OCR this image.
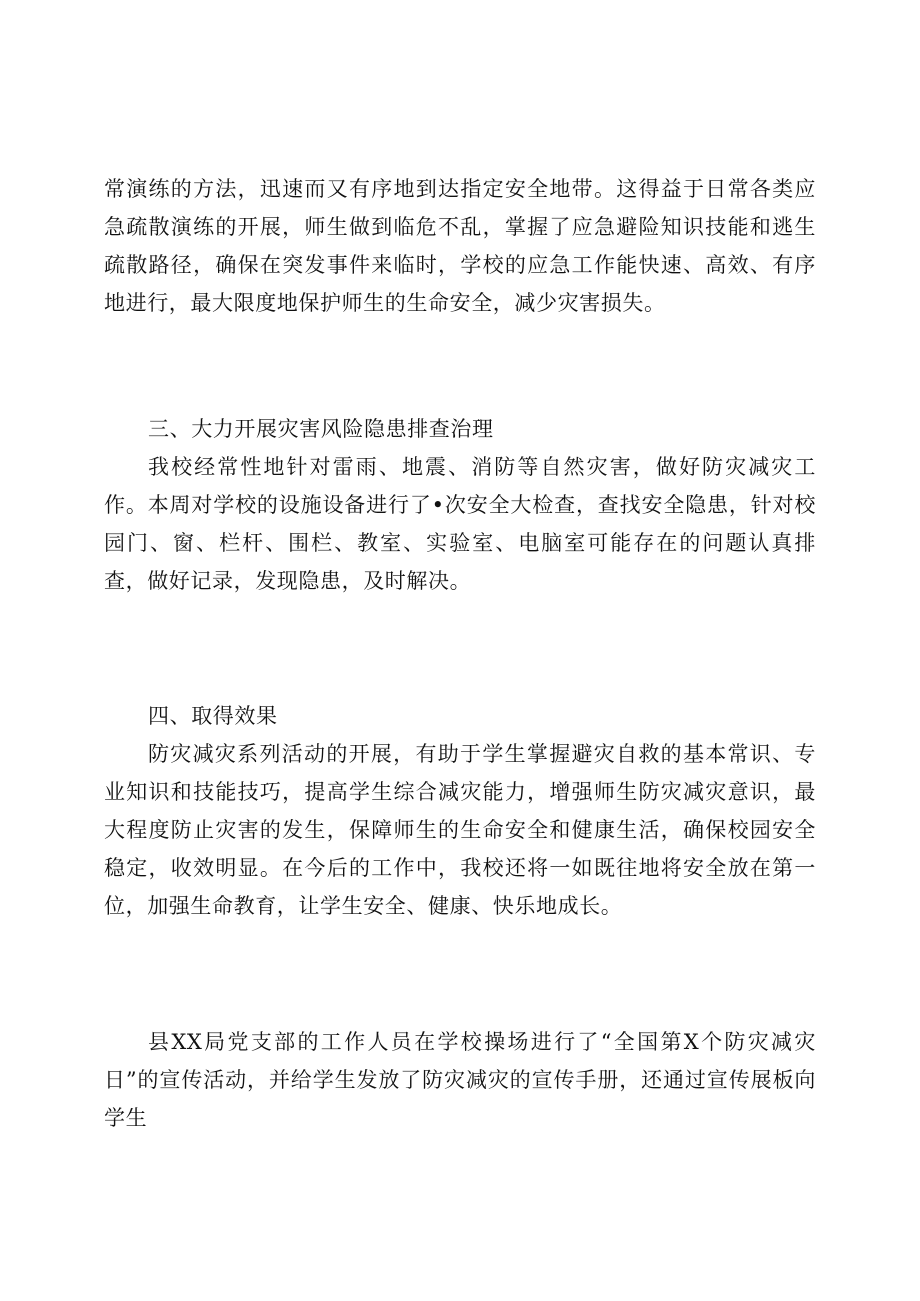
常演练的方法，迅速而又有序地到达指定安全地带。这得益于日常各类应急疏散演练的开展，师生做到临危不乱，掌握了应急避险知识技能和逃生疏散路径，确保在突发事件来临时，学校的应急工作能快速、高效、有序地进行，最大限度地保护师生的生命安全，减少灾害损失。

三、大力开展灾害风险隐患排查治理

我校经常性地针对雷雨、地震、消防等自然灾害，做好防灾减灾工作。本周对学校的设施设备进行了•次安全大检查，查找安全隐患，针对校园门、窗、栏杆、围栏、教室、实验室、电脑室可能存在的问题认真排查，做好记录，发现隐患，及时解决。

四、取得效果

防灾减灾系列活动的开展，有助于学生掌握避灾自救的基本常识、专业知识和技能技巧，提高学生综合减灾能力，增强师生防灾减灾意识，最大程度防止灾害的发生，保障师生的生命安全和健康生活，确保校园安全稳定，收效明显。在今后的工作中，我校还将一如既往地将安全放在第一位，加强生命教育，让学生安全、健康、快乐地成长。

县XX局党支部的工作人员在学校操场进行了“全国第X个防灾减灾日”的宣传活动，并给学生发放了防灾减灾的宣传手册，还通过宣传展板向学生
